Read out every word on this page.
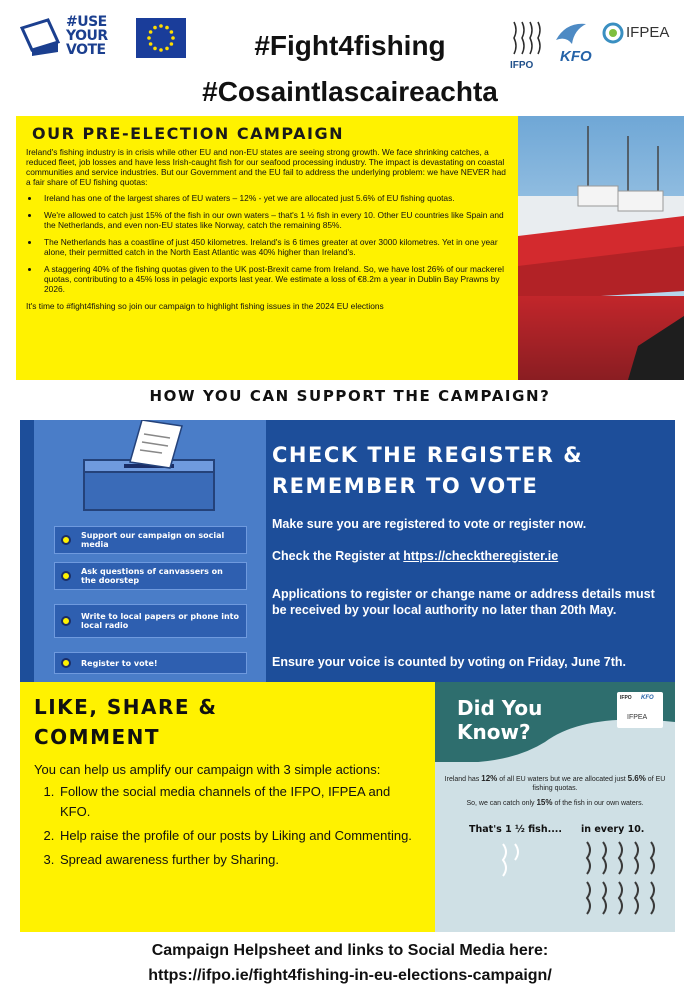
#USE
YOUR
VOTE	#Fight4fishing
#Cosaintlascaireachta
IFPO
KFO
IFPEA
OUR PRE-ELECTION CAMPAIGN

Ireland's fishing industry is in crisis while other EU and non-EU states are seeing strong growth. We face shrinking catches, a reduced fleet, job losses and have less Irish-caught fish for our seafood processing industry. The impact is devastating on coastal communities and service industries. But our Government and the EU fail to address the underlying problem: we have NEVER had a fair share of EU fishing quotas:

• Ireland has one of the largest shares of EU waters – 12% - yet we are allocated just 5.6% of EU fishing quotas.
• We're allowed to catch just 15% of the fish in our own waters – that's 1 ½ fish in every 10. Other EU countries like Spain and the Netherlands, and even non-EU states like Norway, catch the remaining 85%.
• The Netherlands has a coastline of just 450 kilometres. Ireland's is 6 times greater at over 3000 kilometres. Yet in one year alone, their permitted catch in the North East Atlantic was 40% higher than Ireland's.
• A staggering 40% of the fishing quotas given to the UK post-Brexit came from Ireland. So, we have lost 26% of our mackerel quotas, contributing to a 45% loss in pelagic exports last year. We estimate a loss of €8.2m a year in Dublin Bay Prawns by 2026.

It's time to #fight4fishing so join our campaign to highlight fishing issues in the 2024 EU elections

HOW YOU CAN SUPPORT THE CAMPAIGN?
Support our campaign on social media
Ask questions of canvassers on the doorstep
Write to local papers or phone into local radio
Register to vote!
CHECK THE REGISTER &
REMEMBER TO VOTE
Make sure you are registered to vote or register now.
Check the Register at https://checktheregister.ie
Applications to register or change name or address details must be received by your local authority no later than 20th May.
Ensure your voice is counted by voting on Friday, June 7th.
LIKE, SHARE &
COMMENT

You can help us amplify our campaign with 3 simple actions:

1. Follow the social media channels of the IFPO, IFPEA and KFO.
2. Help raise the profile of our posts by Liking and Commenting.
3. Spread awareness further by Sharing.
Did You
Know?
IFPO KFO
IFPEA
Ireland has 12% of all EU waters but we are allocated just 5.6% of EU fishing quotas.
So, we can catch only 15% of the fish in our own waters.
That's 1 ½ fish.... in every 10.
Campaign Helpsheet and links to Social Media here:
https://ifpo.ie/fight4fishing-in-eu-elections-campaign/
